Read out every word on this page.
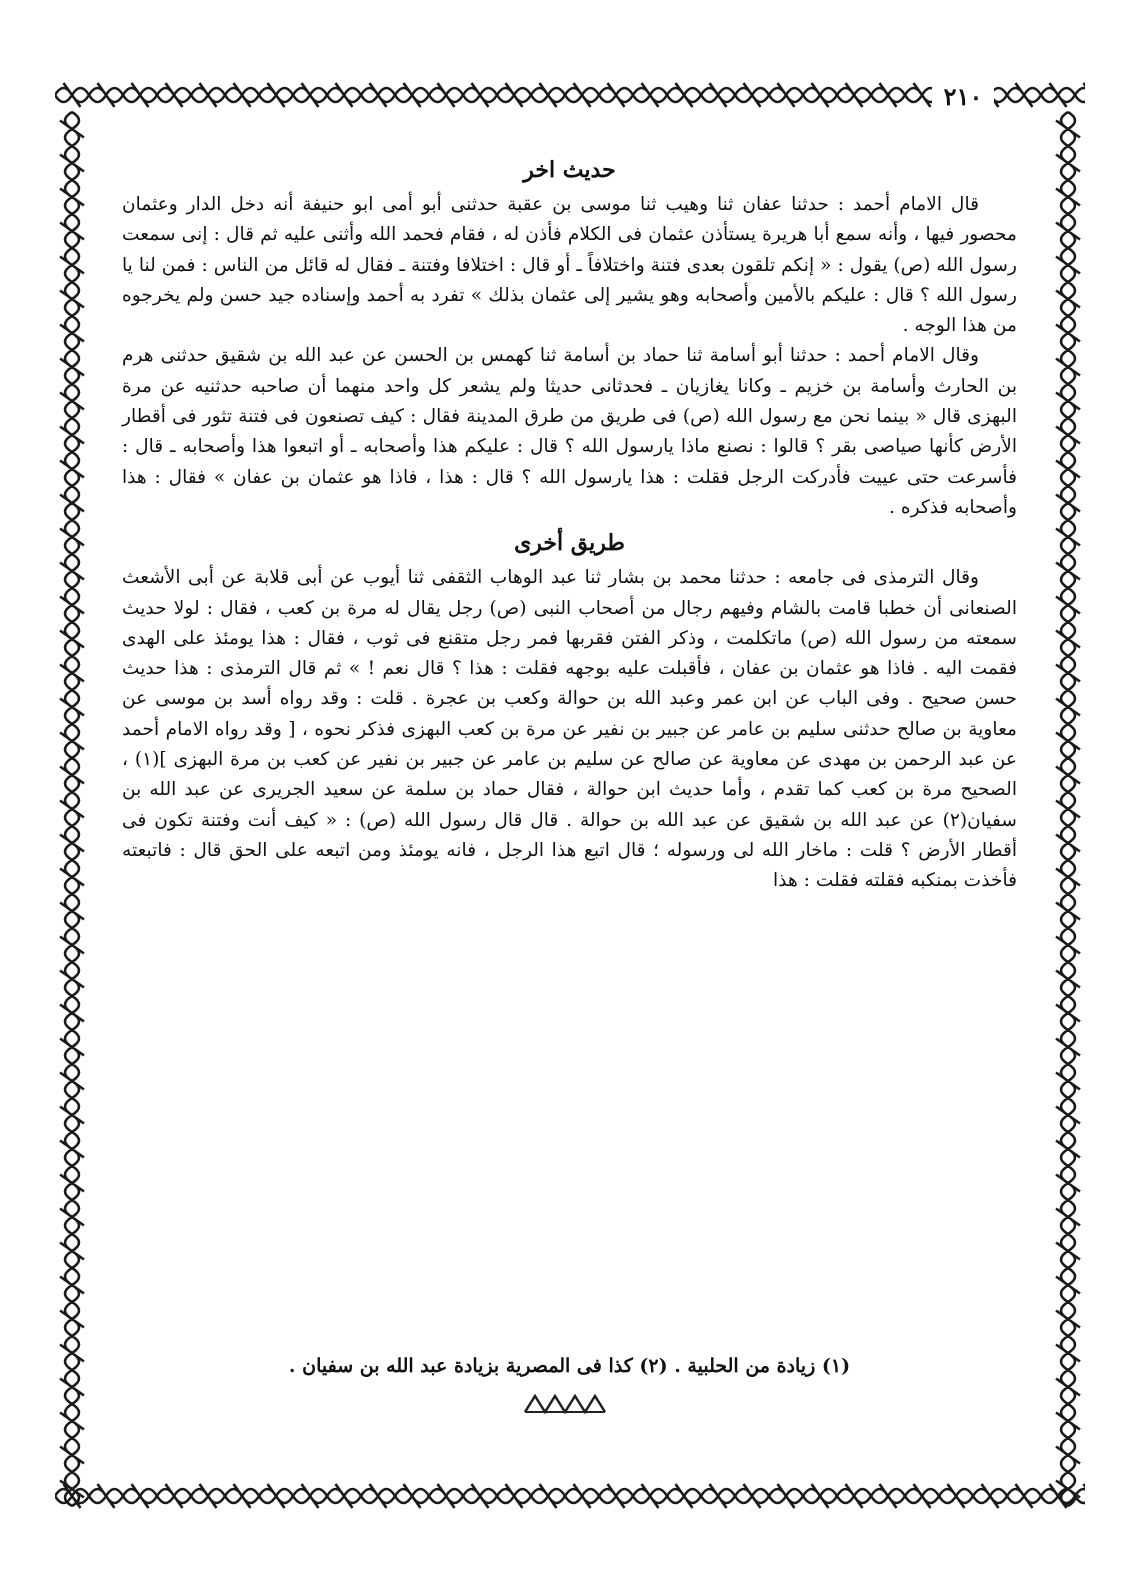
٢١٠
حديث اخر

قال الامام أحمد : حدثنا عفان ثنا وهيب ثنا موسى بن عقبة حدثنى أبو أمى ابو حنيفة أنه دخل الدار وعثمان محصور فيها ، وأنه سمع أبا هريرة يستأذن عثمان فى الكلام فأذن له ، فقام فحمد الله وأثنى عليه ثم قال : إنى سمعت رسول الله (ص) يقول : « إنكم تلقون بعدى فتنة واختلافاً ـ أو قال : اختلافا وفتنة ـ فقال له قائل من الناس : فمن لنا يا رسول الله ؟ قال : عليكم بالأمين وأصحابه وهو يشير إلى عثمان بذلك » تفرد به أحمد وإسناده جيد حسن ولم يخرجوه من هذا الوجه .

وقال الامام أحمد : حدثنا أبو أسامة ثنا حماد بن أسامة ثنا كهمس بن الحسن عن عبد الله بن شقيق حدثنى هرم بن الحارث وأسامة بن خزيم ـ وكانا يغازيان ـ فحدثانى حديثا ولم يشعر كل واحد منهما أن صاحبه حدثنيه عن مرة البهزى قال « بينما نحن مع رسول الله (ص) فى طريق من طرق المدينة فقال : كيف تصنعون فى فتنة تثور فى أقطار الأرض كأنها صياصى بقر ؟ قالوا : نصنع ماذا يارسول الله ؟ قال : عليكم هذا وأصحابه ـ أو اتبعوا هذا وأصحابه ـ قال : فأسرعت حتى عييت فأدركت الرجل فقلت : هذا يارسول الله ؟ قال : هذا ، فاذا هو عثمان بن عفان » فقال : هذا وأصحابه فذكره .

طريق أخرى

وقال الترمذى فى جامعه : حدثنا محمد بن بشار ثنا عبد الوهاب الثقفى ثنا أيوب عن أبى قلابة عن أبى الأشعث الصنعانى أن خطبا قامت بالشام وفيهم رجال من أصحاب النبى (ص) رجل يقال له مرة بن كعب ، فقال : لولا حديث سمعته من رسول الله (ص) ماتكلمت ، وذكر الفتن فقربها فمر رجل متقنع فى ثوب ، فقال : هذا يومئذ على الهدى فقمت اليه . فاذا هو عثمان بن عفان ، فأقبلت عليه بوجهه فقلت : هذا ؟ قال نعم ! » ثم قال الترمذى : هذا حديث حسن صحيح . وفى الباب عن ابن عمر وعبد الله بن حوالة وكعب بن عجرة . قلت : وقد رواه أسد بن موسى عن معاوية بن صالح حدثنى سليم بن عامر عن جبير بن نفير عن مرة بن كعب البهزى فذكر نحوه ، [ وقد رواه الامام أحمد عن عبد الرحمن بن مهدى عن معاوية عن صالح عن سليم بن عامر عن جبير بن نفير عن كعب بن مرة البهزى ](١) ، الصحيح مرة بن كعب كما تقدم ، وأما حديث ابن حوالة ، فقال حماد بن سلمة عن سعيد الجريرى عن عبد الله بن سفيان(٢) عن عبد الله بن شقيق عن عبد الله بن حوالة . قال قال رسول الله (ص) : « كيف أنت وفتنة تكون فى أقطار الأرض ؟ قلت : ماخار الله لى ورسوله ؛ قال اتبع هذا الرجل ، فانه يومئذ ومن اتبعه على الحق قال : فاتبعته فأخذت بمنكبه فقلته فقلت : هذا

(١) زيادة من الحلبية . (٢) كذا فى المصرية بزيادة عبد الله بن سفيان .
